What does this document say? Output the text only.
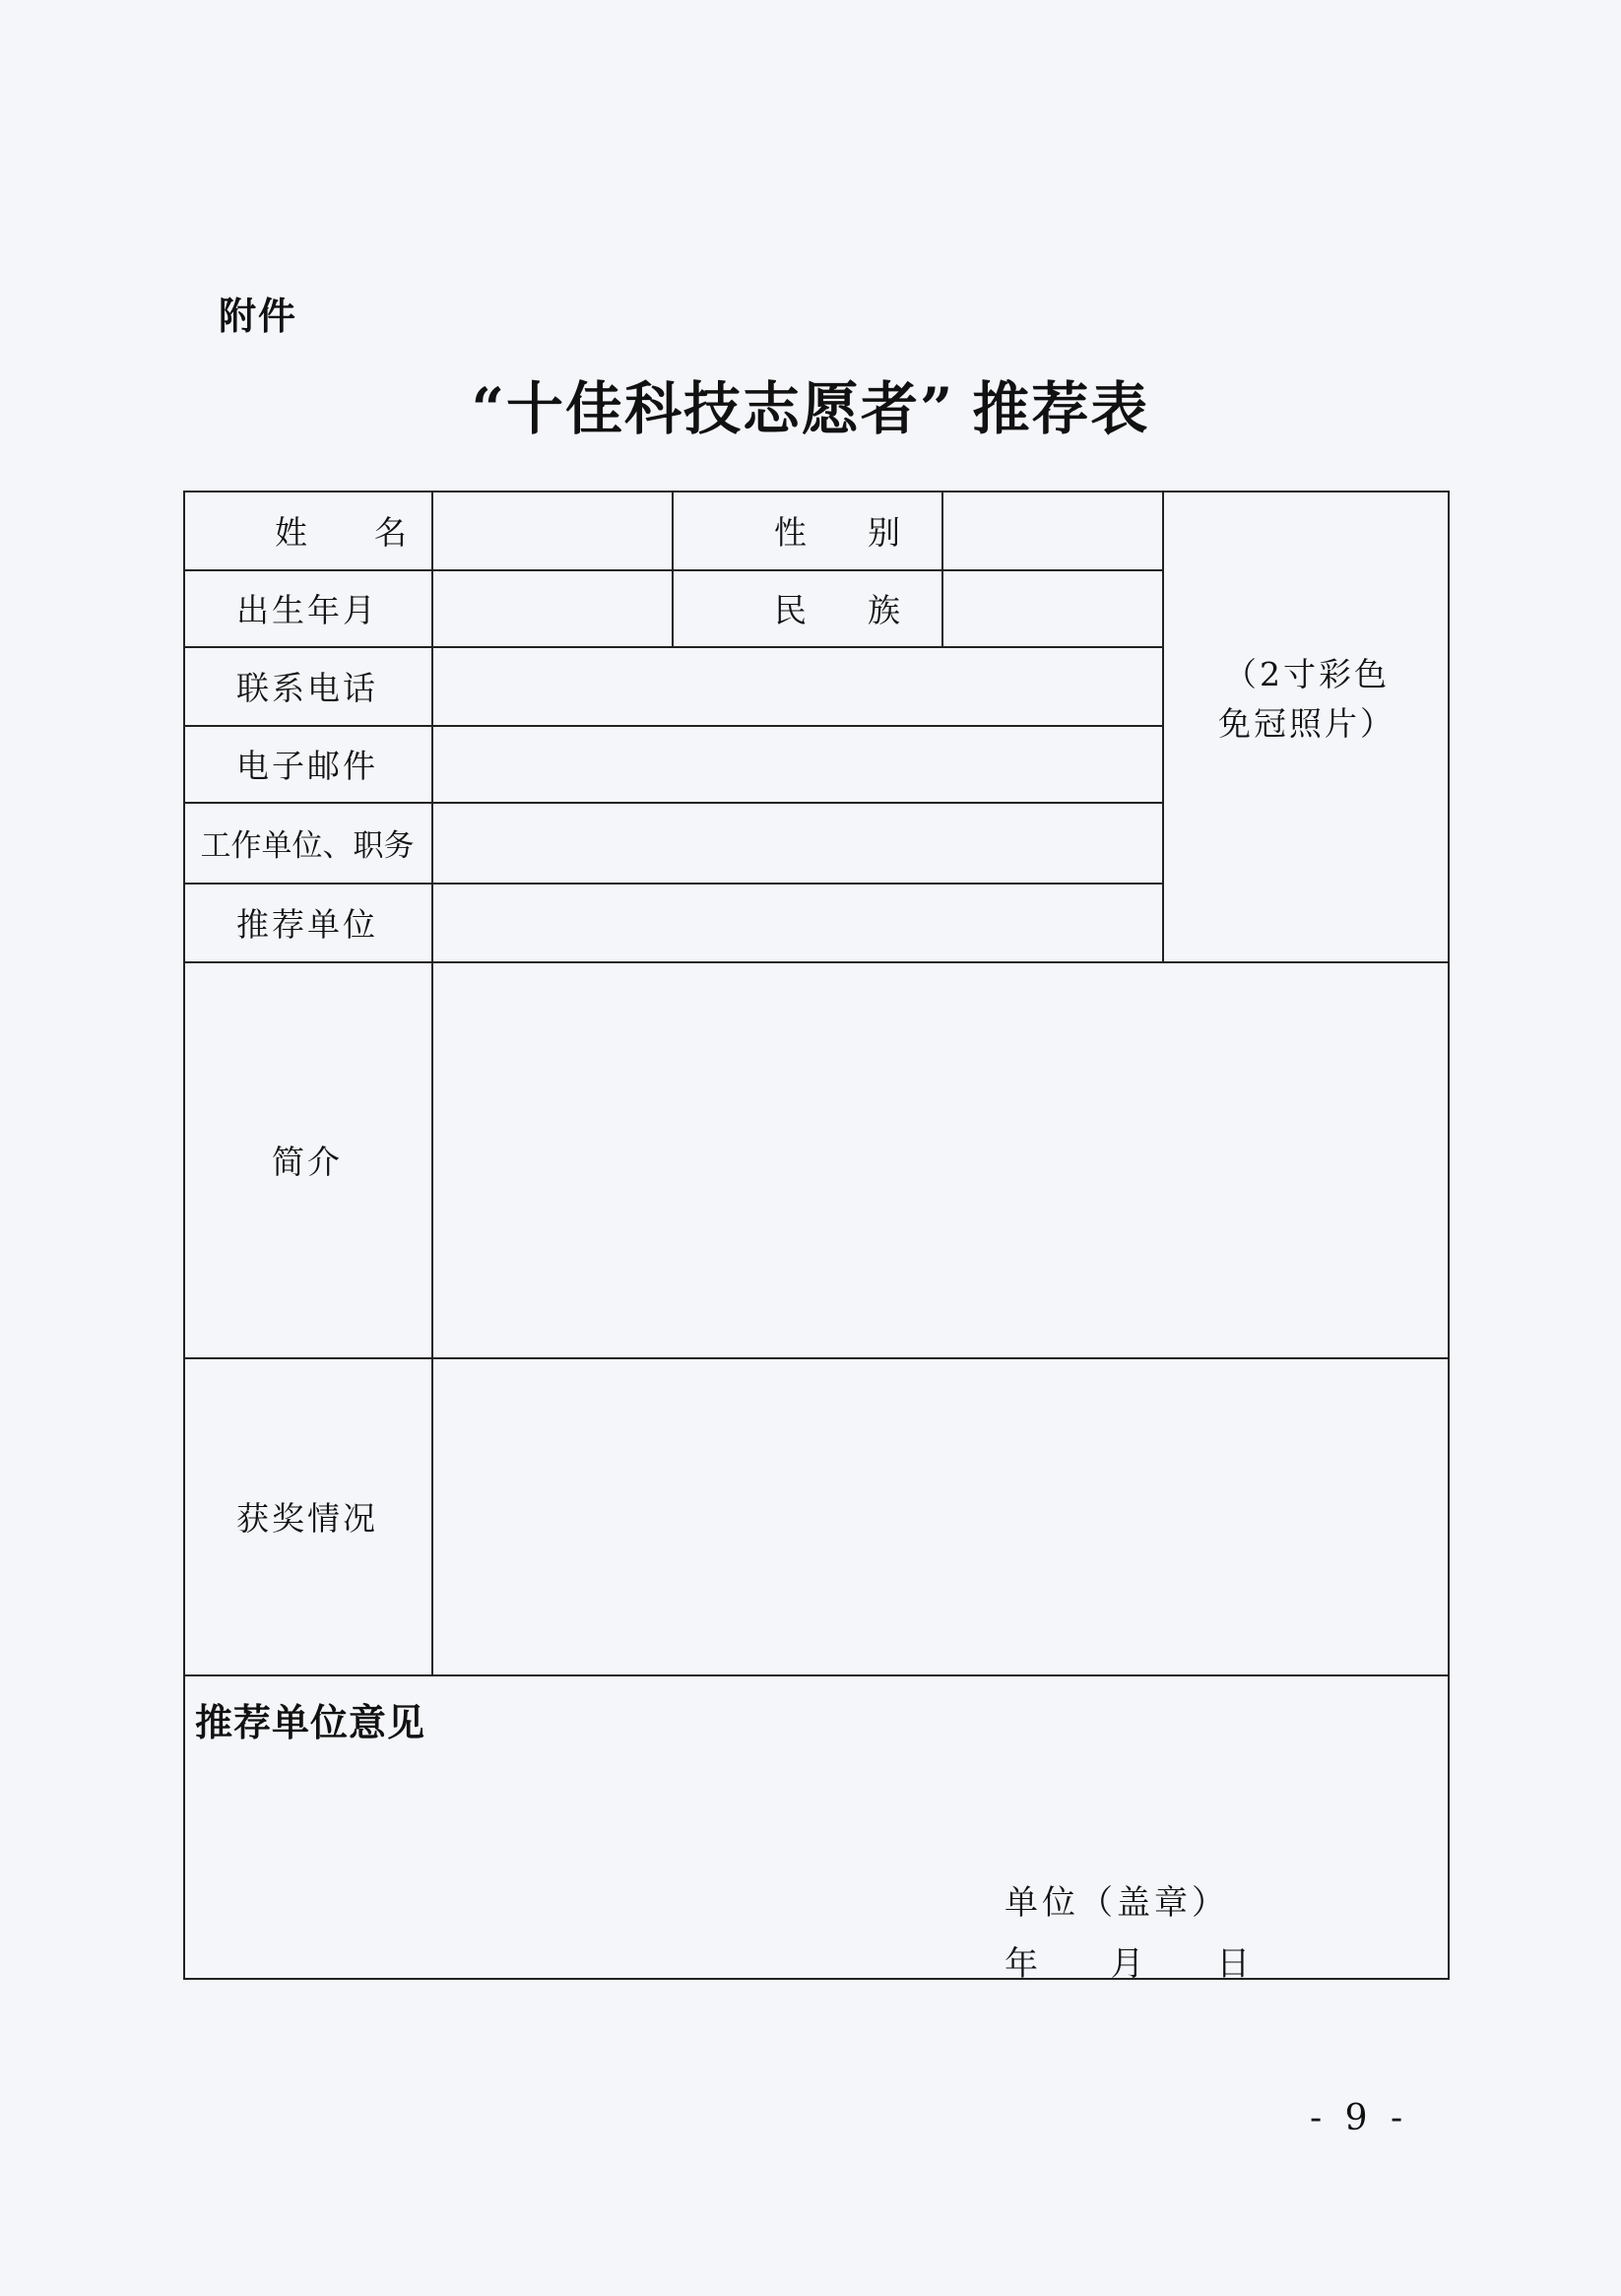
附件
“十佳科技志愿者” 推荐表
姓名	性别
出生年月	民族
联系电话
电子邮件
工作单位、职务
推荐单位
简介
获奖情况
（2寸彩色
免冠照片）
推荐单位意见
单位（盖章）
年 月 日
- 9 -
